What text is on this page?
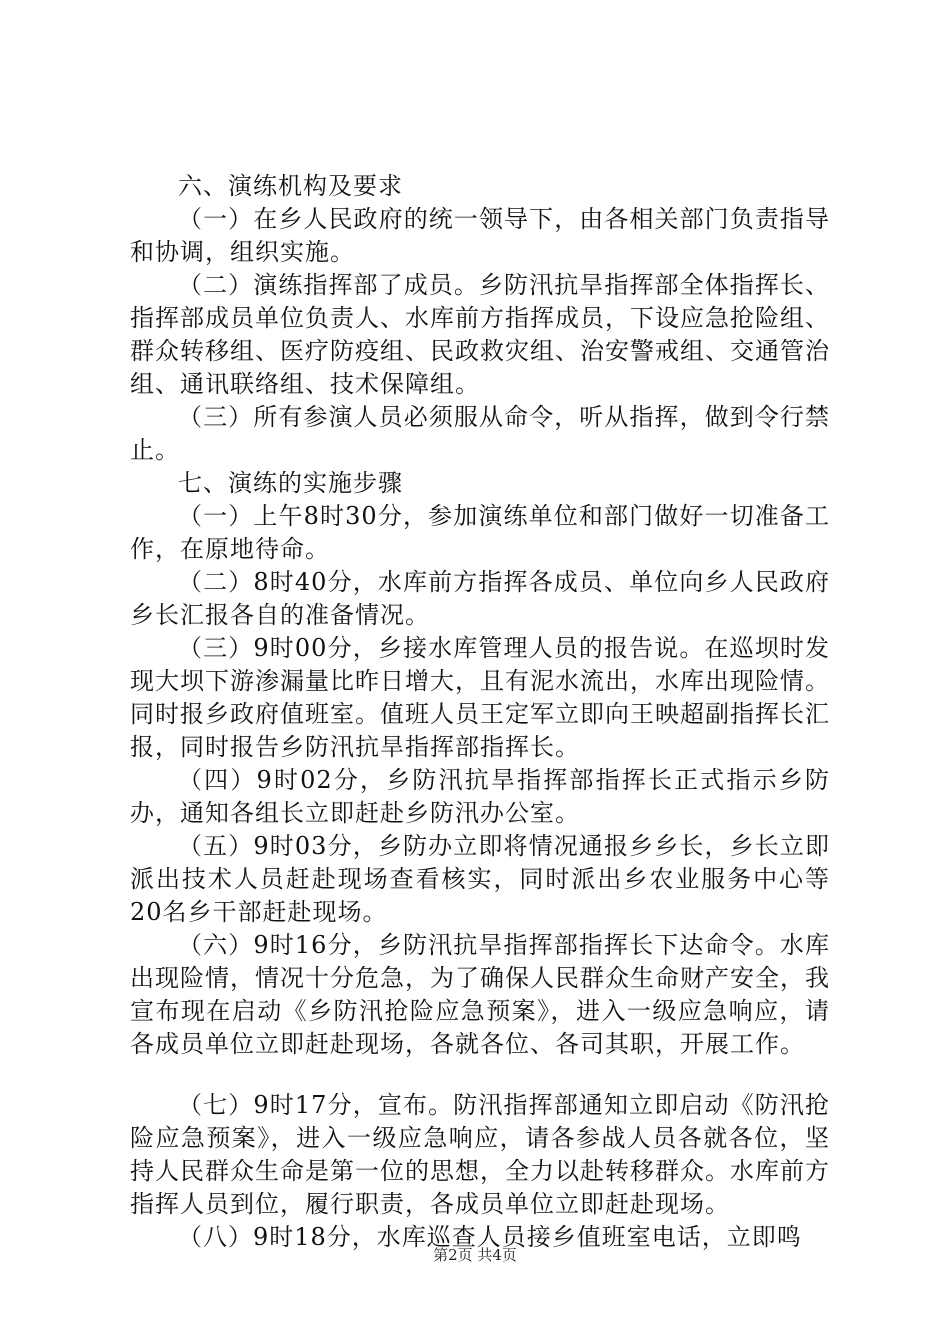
六、演练机构及要求

（一）在乡人民政府的统一领导下，由各相关部门负责指导和协调，组织实施。

（二）演练指挥部了成员。乡防汛抗旱指挥部全体指挥长、指挥部成员单位负责人、水库前方指挥成员，下设应急抢险组、群众转移组、医疗防疫组、民政救灾组、治安警戒组、交通管治组、通讯联络组、技术保障组。

（三）所有参演人员必须服从命令，听从指挥，做到令行禁止。

七、演练的实施步骤

（一）上午8时30分，参加演练单位和部门做好一切准备工作，在原地待命。

（二）8时40分，水库前方指挥各成员、单位向乡人民政府乡长汇报各自的准备情况。

（三）9时00分，乡接水库管理人员的报告说。在巡坝时发现大坝下游渗漏量比昨日增大，且有泥水流出，水库出现险情。同时报乡政府值班室。值班人员王定军立即向王映超副指挥长汇报，同时报告乡防汛抗旱指挥部指挥长。

（四）9时02分，乡防汛抗旱指挥部指挥长正式指示乡防办，通知各组长立即赶赴乡防汛办公室。

（五）9时03分，乡防办立即将情况通报乡乡长，乡长立即派出技术人员赶赴现场查看核实，同时派出乡农业服务中心等20名乡干部赶赴现场。

（六）9时16分，乡防汛抗旱指挥部指挥长下达命令。水库出现险情，情况十分危急，为了确保人民群众生命财产安全，我宣布现在启动《乡防汛抢险应急预案》，进入一级应急响应，请各成员单位立即赶赴现场，各就各位、各司其职，开展工作。

（七）9时17分，宣布。防汛指挥部通知立即启动《防汛抢险应急预案》，进入一级应急响应，请各参战人员各就各位，坚持人民群众生命是第一位的思想，全力以赴转移群众。水库前方指挥人员到位，履行职责，各成员单位立即赶赴现场。

（八）9时18分，水库巡查人员接乡值班室电话，立即鸣

第2页 共4页
